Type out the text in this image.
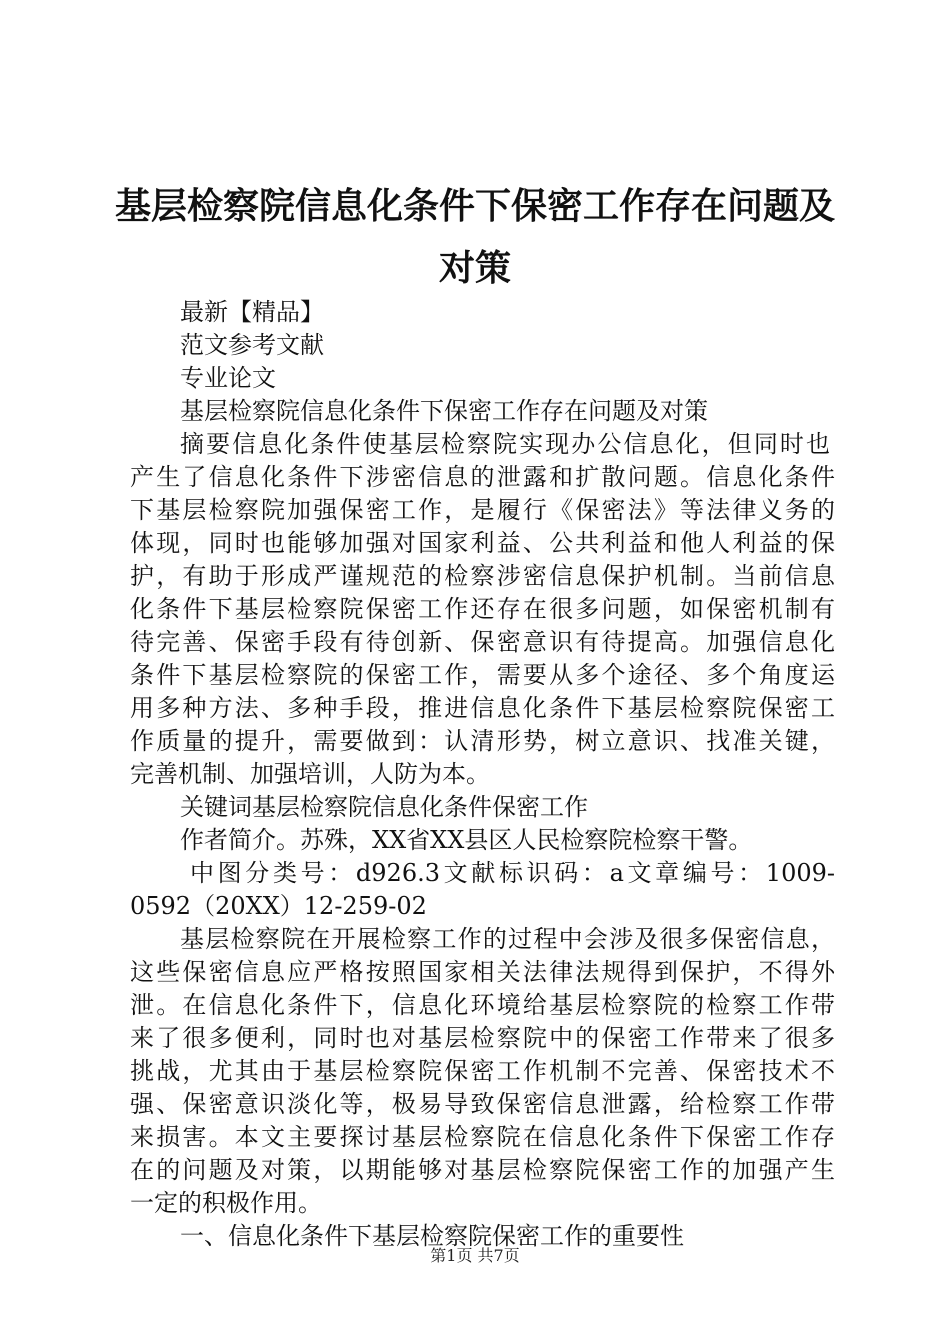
基层检察院信息化条件下保密工作存在问题及
对策
最新【精品】
范文参考文献
专业论文
基层检察院信息化条件下保密工作存在问题及对策
摘要信息化条件使基层检察院实现办公信息化，但同时也
产生了信息化条件下涉密信息的泄露和扩散问题。信息化条件
下基层检察院加强保密工作，是履行《保密法》等法律义务的
体现，同时也能够加强对国家利益、公共利益和他人利益的保
护，有助于形成严谨规范的检察涉密信息保护机制。当前信息
化条件下基层检察院保密工作还存在很多问题，如保密机制有
待完善、保密手段有待创新、保密意识有待提高。加强信息化
条件下基层检察院的保密工作，需要从多个途径、多个角度运
用多种方法、多种手段，推进信息化条件下基层检察院保密工
作质量的提升，需要做到：认清形势，树立意识、找准关键，
完善机制、加强培训，人防为本。
关键词基层检察院信息化条件保密工作
作者简介。苏殊，XX省XX县区人民检察院检察干警。
中图分类号：d926.3文献标识码：a文章编号：1009-
0592（20XX）12-259-02
基层检察院在开展检察工作的过程中会涉及很多保密信息，
这些保密信息应严格按照国家相关法律法规得到保护，不得外
泄。在信息化条件下，信息化环境给基层检察院的检察工作带
来了很多便利，同时也对基层检察院中的保密工作带来了很多
挑战，尤其由于基层检察院保密工作机制不完善、保密技术不
强、保密意识淡化等，极易导致保密信息泄露，给检察工作带
来损害。本文主要探讨基层检察院在信息化条件下保密工作存
在的问题及对策，以期能够对基层检察院保密工作的加强产生
一定的积极作用。
一、信息化条件下基层检察院保密工作的重要性
第1页 共7页
